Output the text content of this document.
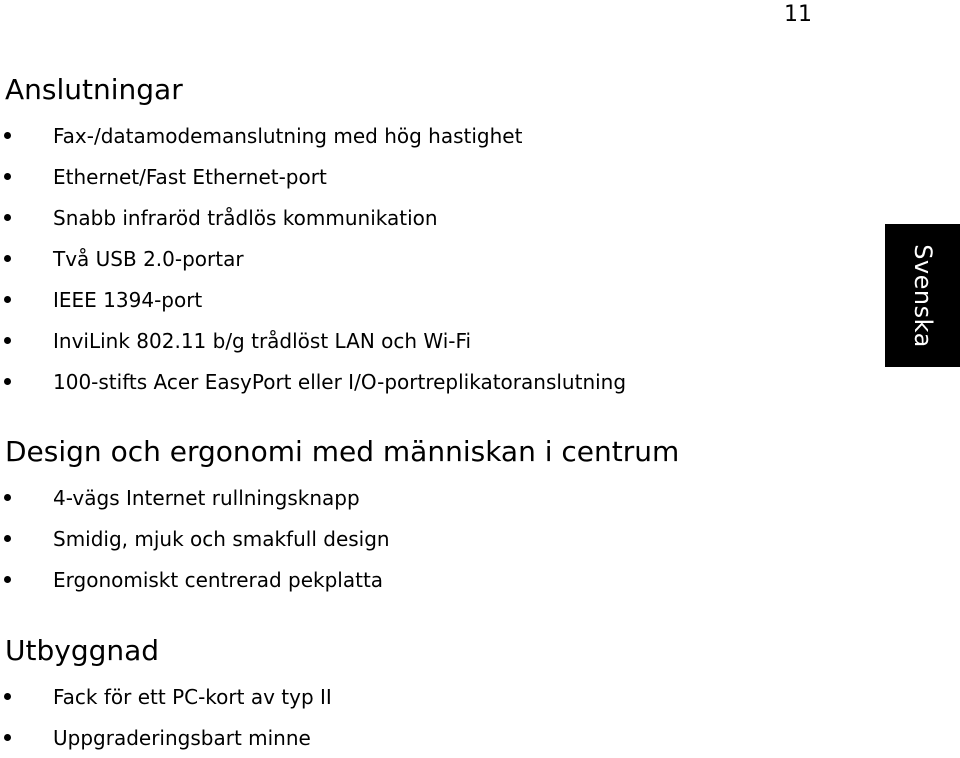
11
Svenska
Anslutningar
Fax-/datamodemanslutning med hög hastighet
Ethernet/Fast Ethernet-port
Snabb infraröd trådlös kommunikation
Två USB 2.0-portar
IEEE 1394-port
InviLink 802.11 b/g trådlöst LAN och Wi-Fi
100-stifts Acer EasyPort eller I/O-portreplikatoranslutning
Design och ergonomi med människan i centrum
4-vägs Internet rullningsknapp
Smidig, mjuk och smakfull design
Ergonomiskt centrerad pekplatta
Utbyggnad
Fack för ett PC-kort av typ II
Uppgraderingsbart minne
